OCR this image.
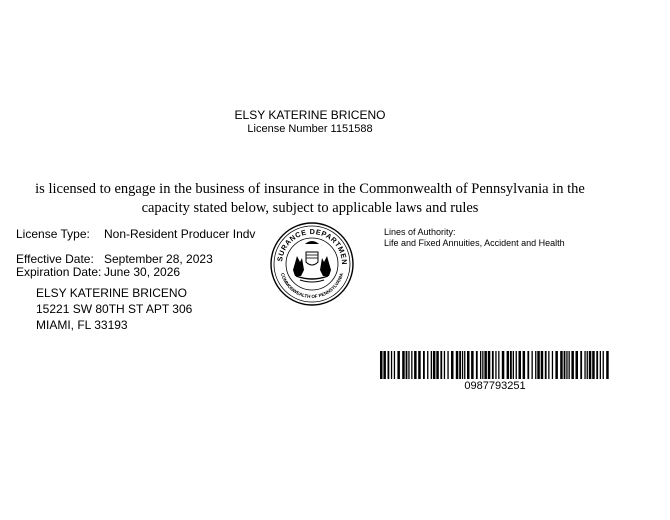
ELSY KATERINE BRICENO
License Number 1151588
is licensed to engage in the business of insurance in the Commonwealth of Pennsylvania in the capacity stated below, subject to applicable laws and rules
License Type: Non-Resident Producer Indv
Effective Date: September 28, 2023
Expiration Date: June 30, 2026
ELSY KATERINE BRICENO
15221 SW 80TH ST APT 306
MIAMI, FL 33193
SURANCE DEPARTMEN
COMMONWEALTH OF PENNSYLVANIA
Lines of Authority:
Life and Fixed Annuities, Accident and Health
0987793251
